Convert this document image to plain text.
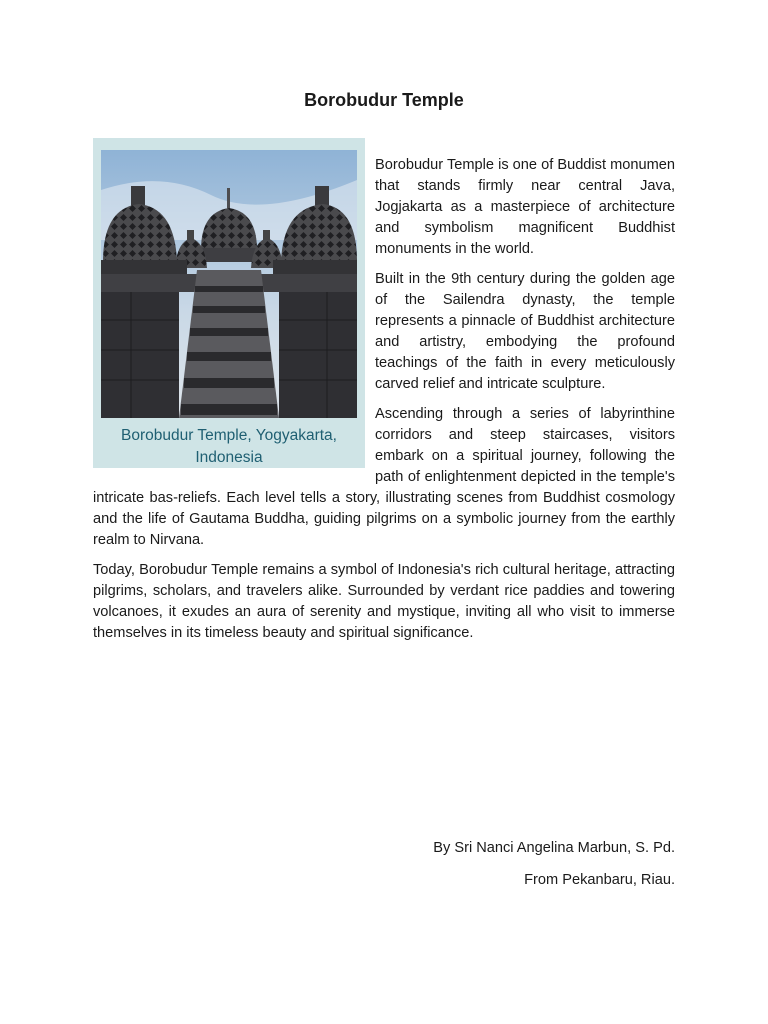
Borobudur Temple
Borobudur Temple, Yogyakarta, Indonesia

Borobudur Temple is one of Buddist monumen that stands firmly near central Java, Jogjakarta as a masterpiece of architecture and symbolism magnificent Buddhist monuments in the world.

Built in the 9th century during the golden age of the Sailendra dynasty, the temple represents a pinnacle of Buddhist architecture and artistry, embodying the profound teachings of the faith in every meticulously carved relief and intricate sculpture.

Ascending through a series of labyrinthine corridors and steep staircases, visitors embark on a spiritual journey, following the path of enlightenment depicted in the temple's intricate bas-reliefs. Each level tells a story, illustrating scenes from Buddhist cosmology and the life of Gautama Buddha, guiding pilgrims on a symbolic journey from the earthly realm to Nirvana.

Today, Borobudur Temple remains a symbol of Indonesia's rich cultural heritage, attracting pilgrims, scholars, and travelers alike. Surrounded by verdant rice paddies and towering volcanoes, it exudes an aura of serenity and mystique, inviting all who visit to immerse themselves in its timeless beauty and spiritual significance.

By Sri Nanci Angelina Marbun, S. Pd.

From Pekanbaru, Riau.
